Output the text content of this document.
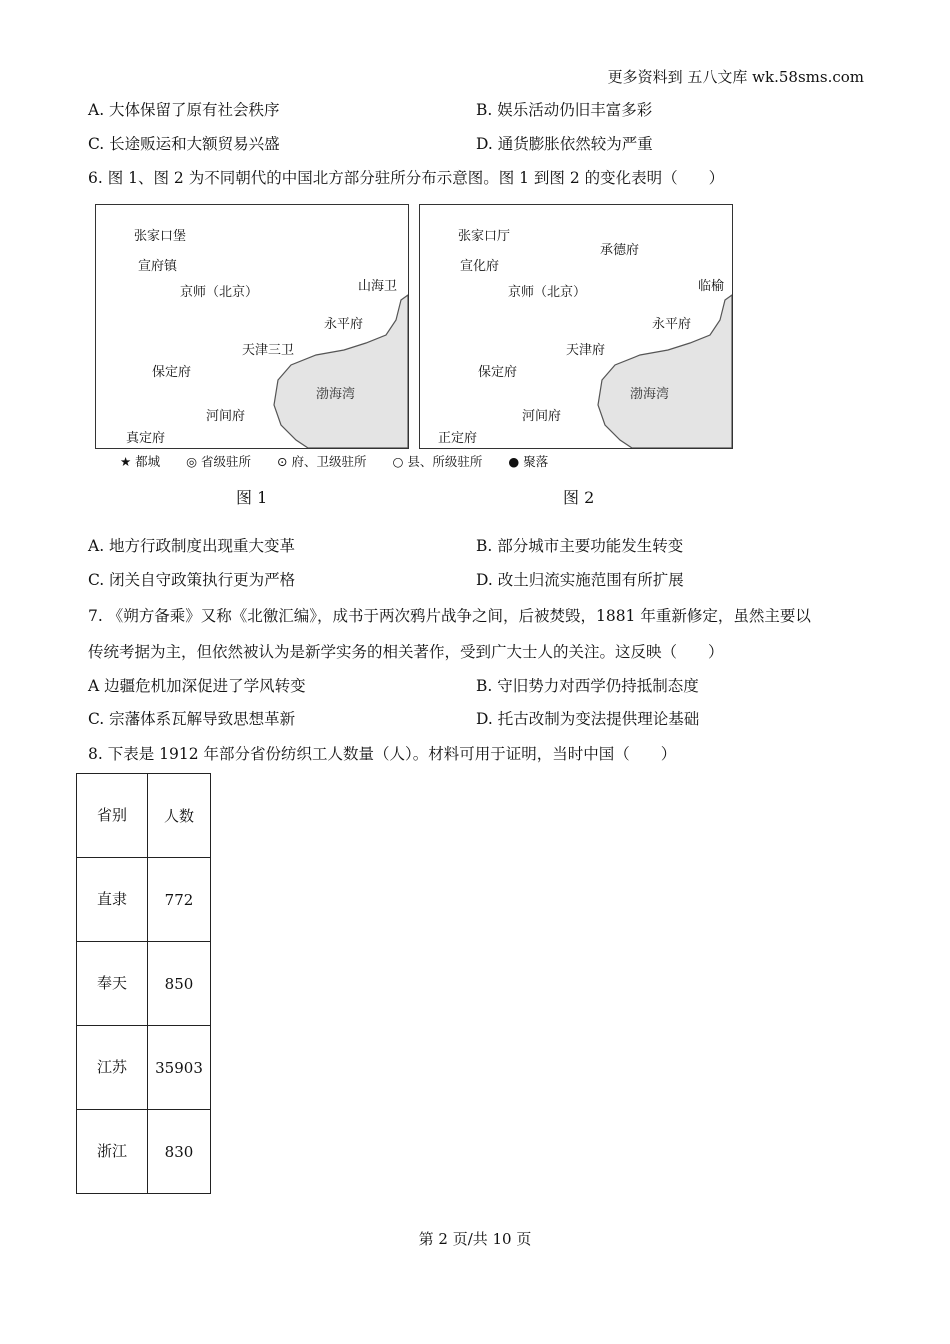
更多资料到 五八文库 wk.58sms.com
A. 大体保留了原有社会秩序	B. 娱乐活动仍旧丰富多彩
C. 长途贩运和大额贸易兴盛	D. 通货膨胀依然较为严重
6. 图 1、图 2 为不同朝代的中国北方部分驻所分布示意图。图 1 到图 2 的变化表明（　　）
张家口堡
宣府镇
京师（北京）	山海卫
永平府
天津三卫
保定府
渤海湾
河间府
真定府
张家口厅
承德府
宣化府
京师（北京）	临榆
永平府
天津府
保定府
渤海湾
河间府
正定府
★ 都城 ◎ 省级驻所 ⊙ 府、卫级驻所 ○ 县、所级驻所 ● 聚落
图 1	图 2
A. 地方行政制度出现重大变革	B. 部分城市主要功能发生转变
C. 闭关自守政策执行更为严格	D. 改土归流实施范围有所扩展
7. 《朔方备乘》又称《北徼汇编》，成书于两次鸦片战争之间，后被焚毁，1881 年重新修定，虽然主要以
传统考据为主，但依然被认为是新学实务的相关著作，受到广大士人的关注。这反映（　　）
A 边疆危机加深促进了学风转变	B. 守旧势力对西学仍持抵制态度
C. 宗藩体系瓦解导致思想革新	D. 托古改制为变法提供理论基础
8. 下表是 1912 年部分省份纺织工人数量（人）。材料可用于证明，当时中国（　　）
省别	人数
直隶	772
奉天	850
江苏	35903
浙江	830
第 2 页/共 10 页
